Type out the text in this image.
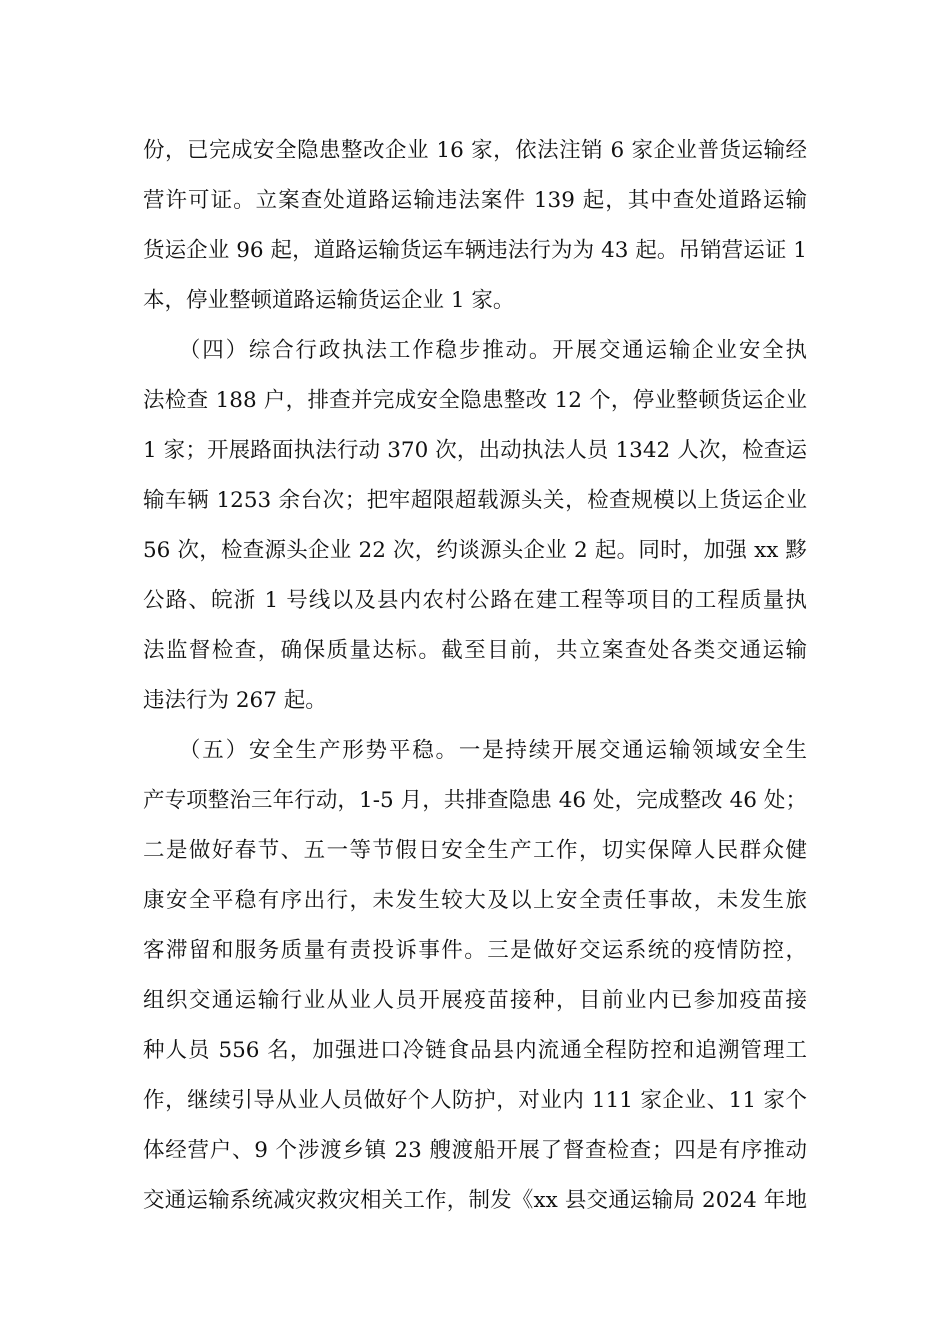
份，已完成安全隐患整改企业 16 家，依法注销 6 家企业普货运输经
营许可证。立案查处道路运输违法案件 139 起，其中查处道路运输
货运企业 96 起，道路运输货运车辆违法行为为 43 起。吊销营运证 1
本，停业整顿道路运输货运企业 1 家。
　　（四）综合行政执法工作稳步推动。开展交通运输企业安全执
法检查 188 户，排查并完成安全隐患整改 12 个，停业整顿货运企业
1 家；开展路面执法行动 370 次，出动执法人员 1342 人次，检查运
输车辆 1253 余台次；把牢超限超载源头关，检查规模以上货运企业
56 次，检查源头企业 22 次，约谈源头企业 2 起。同时，加强 xx 黟
公路、皖浙 1 号线以及县内农村公路在建工程等项目的工程质量执
法监督检查，确保质量达标。截至目前，共立案查处各类交通运输
违法行为 267 起。
　　（五）安全生产形势平稳。一是持续开展交通运输领域安全生
产专项整治三年行动，1-5 月，共排查隐患 46 处，完成整改 46 处；
二是做好春节、五一等节假日安全生产工作，切实保障人民群众健
康安全平稳有序出行，未发生较大及以上安全责任事故，未发生旅
客滞留和服务质量有责投诉事件。三是做好交运系统的疫情防控，
组织交通运输行业从业人员开展疫苗接种，目前业内已参加疫苗接
种人员 556 名，加强进口冷链食品县内流通全程防控和追溯管理工
作，继续引导从业人员做好个人防护，对业内 111 家企业、11 家个
体经营户、9 个涉渡乡镇 23 艘渡船开展了督查检查；四是有序推动
交通运输系统减灾救灾相关工作，制发《xx 县交通运输局 2024 年地
